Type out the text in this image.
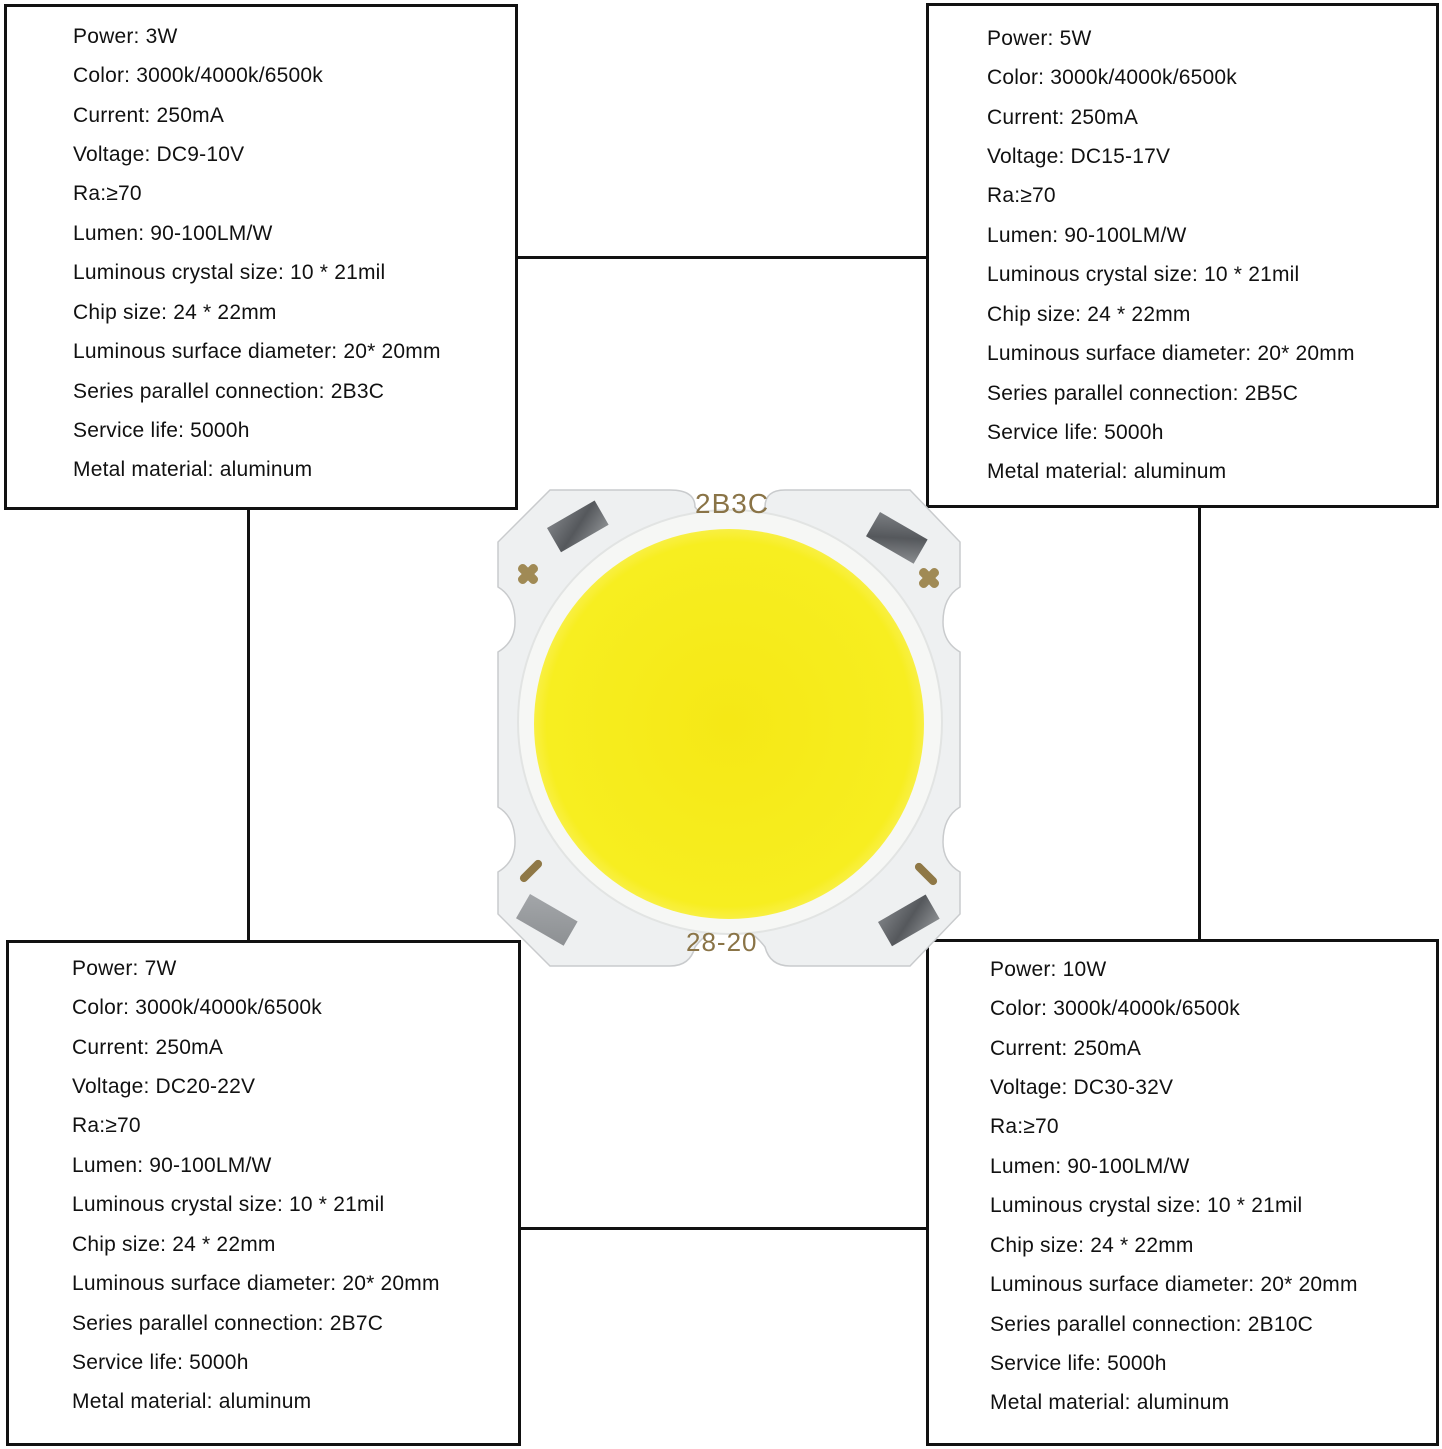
Power: 3W
Color: 3000k/4000k/6500k
Current: 250mA
Voltage: DC9-10V
Ra:≥70
Lumen: 90-100LM/W
Luminous crystal size: 10 * 21mil
Chip size: 24 * 22mm
Luminous surface diameter: 20* 20mm
Series parallel connection: 2B3C
Service life: 5000h
Metal material: aluminum
Power: 5W
Color: 3000k/4000k/6500k
Current: 250mA
Voltage: DC15-17V
Ra:≥70
Lumen: 90-100LM/W
Luminous crystal size: 10 * 21mil
Chip size: 24 * 22mm
Luminous surface diameter: 20* 20mm
Series parallel connection: 2B5C
Service life: 5000h
Metal material: aluminum
Power: 7W
Color: 3000k/4000k/6500k
Current: 250mA
Voltage: DC20-22V
Ra:≥70
Lumen: 90-100LM/W
Luminous crystal size: 10 * 21mil
Chip size: 24 * 22mm
Luminous surface diameter: 20* 20mm
Series parallel connection: 2B7C
Service life: 5000h
Metal material: aluminum
Power: 10W
Color: 3000k/4000k/6500k
Current: 250mA
Voltage: DC30-32V
Ra:≥70
Lumen: 90-100LM/W
Luminous crystal size: 10 * 21mil
Chip size: 24 * 22mm
Luminous surface diameter: 20* 20mm
Series parallel connection: 2B10C
Service life: 5000h
Metal material: aluminum
2B3C
28-20
